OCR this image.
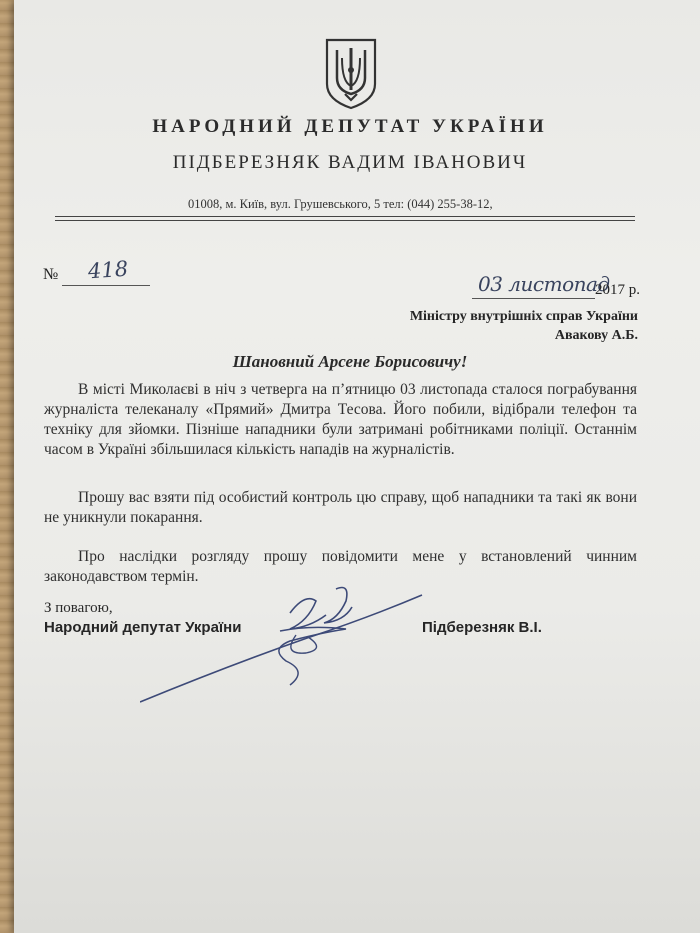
НАРОДНИЙ ДЕПУТАТ УКРАЇНИ
ПІДБЕРЕЗНЯК ВАДИМ ІВАНОВИЧ
01008, м. Київ, вул. Грушевського, 5 тел: (044) 255-38-12,
№ 418
03 листопад
2017 р.
Міністру внутрішніх справ України
Авакову А.Б.
Шановний Арсене Борисовичу!
В місті Миколаєві в ніч з четверга на п’ятницю 03 листопада сталося пограбування журналіста телеканалу «Прямий» Дмитра Тесова. Його побили, відібрали телефон та техніку для зйомки. Пізніше нападники були затримані робітниками поліції. Останнім часом в Україні збільшилася кількість нападів на журналістів.
Прошу вас взяти під особистий контроль цю справу, щоб нападники та такі як вони не уникнули покарання.
Про наслідки розгляду прошу повідомити мене у встановлений чинним законодавством термін.
З повагою,
Народний депутат України	Підберезняк В.І.
